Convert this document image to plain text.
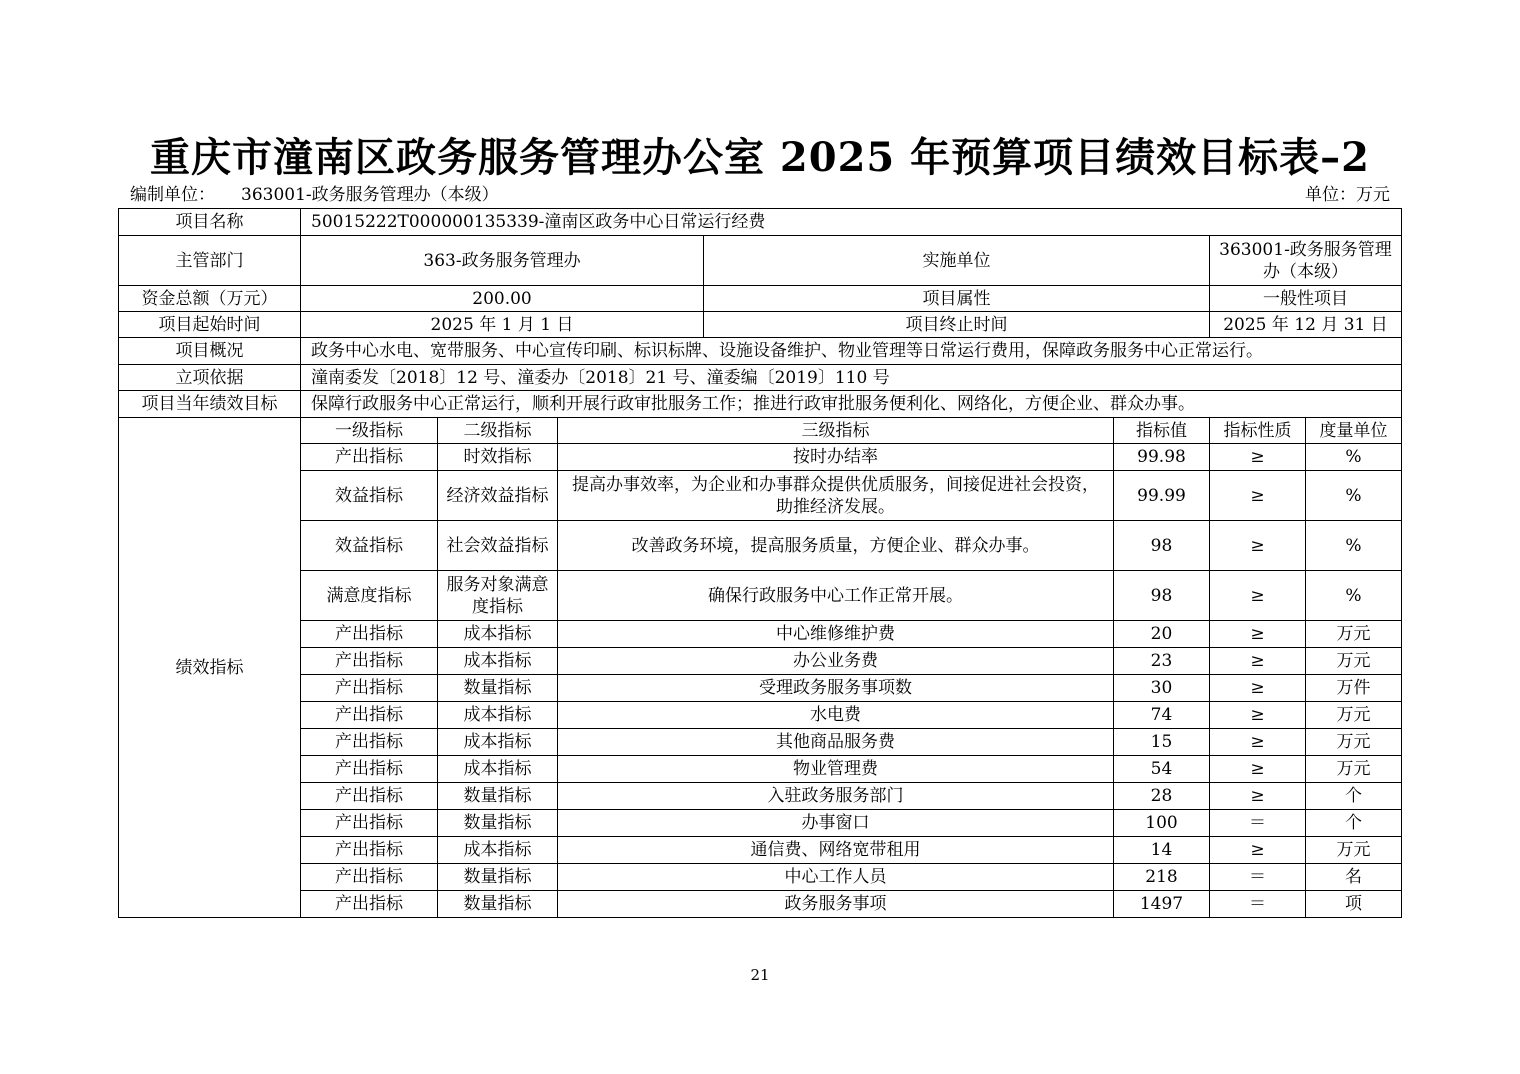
重庆市潼南区政务服务管理办公室 2025 年预算项目绩效目标表–2
编制单位： 363001-政务服务管理办（本级）	单位：万元
项目名称	50015222T000000135339-潼南区政务中心日常运行经费						
主管部门	363-政务服务管理办			实施单位		363001-政务服务管理办（本级）	
资金总额（万元）	200.00			项目属性		一般性项目	
项目起始时间	2025 年 1 月 1 日			项目终止时间		2025 年 12 月 31 日	
项目概况	政务中心水电、宽带服务、中心宣传印刷、标识标牌、设施设备维护、物业管理等日常运行费用，保障政务服务中心正常运行。						
立项依据	潼南委发〔2018〕12 号、潼委办〔2018〕21 号、潼委编〔2019〕110 号						
项目当年绩效目标	保障行政服务中心正常运行，顺利开展行政审批服务工作；推进行政审批服务便利化、网络化，方便企业、群众办事。						
绩效指标	一级指标	二级指标	三级指标		指标值	指标性质	度量单位
	产出指标	时效指标	按时办结率		99.98	≥	%
	效益指标	经济效益指标	提高办事效率，为企业和办事群众提供优质服务，间接促进社会投资，助推经济发展。		99.99	≥	%
	效益指标	社会效益指标	改善政务环境，提高服务质量，方便企业、群众办事。		98	≥	%
	满意度指标	服务对象满意度指标	确保行政服务中心工作正常开展。		98	≥	%
	产出指标	成本指标	中心维修维护费		20	≥	万元
	产出指标	成本指标	办公业务费		23	≥	万元
	产出指标	数量指标	受理政务服务事项数		30	≥	万件
	产出指标	成本指标	水电费		74	≥	万元
	产出指标	成本指标	其他商品服务费		15	≥	万元
	产出指标	成本指标	物业管理费		54	≥	万元
	产出指标	数量指标	入驻政务服务部门		28	≥	个
	产出指标	数量指标	办事窗口		100	＝	个
	产出指标	成本指标	通信费、网络宽带租用		14	≥	万元
	产出指标	数量指标	中心工作人员		218	＝	名
	产出指标	数量指标	政务服务事项		1497	＝	项
21
